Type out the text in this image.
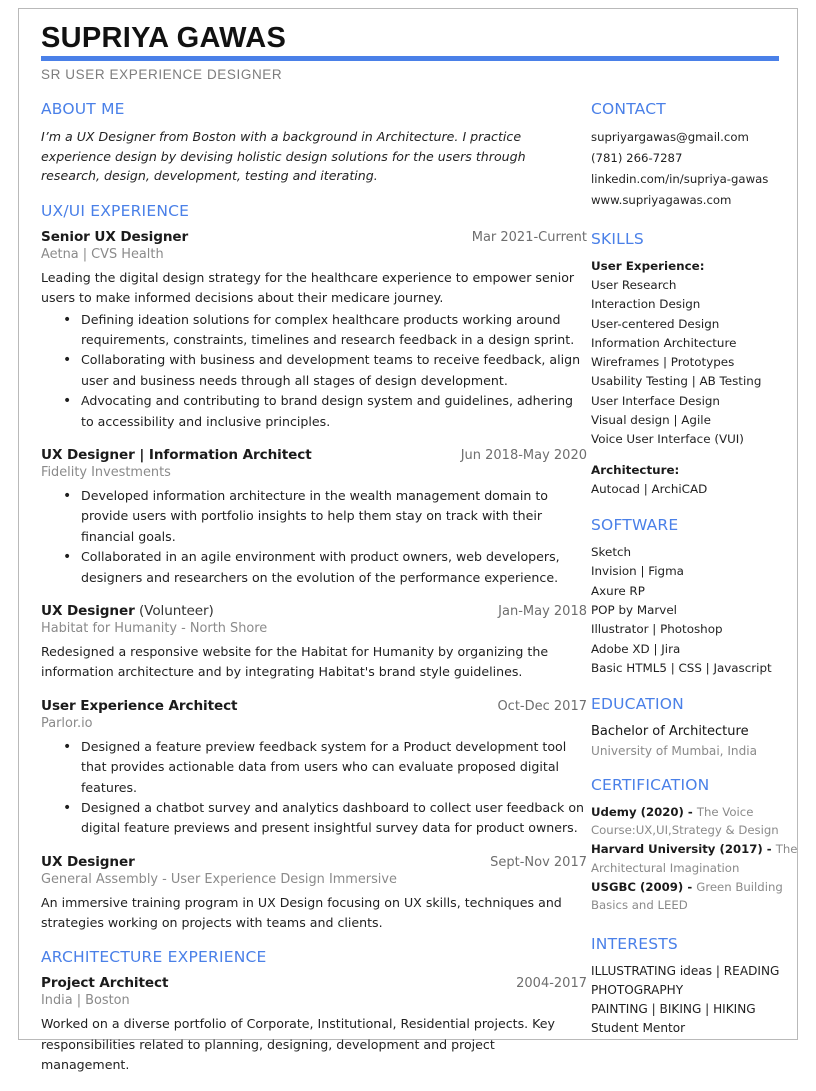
SUPRIYA GAWAS
SR USER EXPERIENCE DESIGNER
ABOUT ME
I’m a UX Designer from Boston with a background in Architecture. I practice experience design by devising holistic design solutions for the users through research, design, development, testing and iterating.
UX/UI EXPERIENCE
Senior UX Designer	Mar 2021-Current
Aetna | CVS Health

Leading the digital design strategy for the healthcare experience to empower senior users to make informed decisions about their medicare journey.

• Defining ideation solutions for complex healthcare products working around requirements, constraints, timelines and research feedback in a design sprint.
• Collaborating with business and development teams to receive feedback, align user and business needs through all stages of design development.
• Advocating and contributing to brand design system and guidelines, adhering to accessibility and inclusive principles.
UX Designer | Information Architect	Jun 2018-May 2020
Fidelity Investments
• Developed information architecture in the wealth management domain to provide users with portfolio insights to help them stay on track with their financial goals.
• Collaborated in an agile environment with product owners, web developers, designers and researchers on the evolution of the performance experience.
UX Designer (Volunteer)	Jan-May 2018
Habitat for Humanity - North Shore

Redesigned a responsive website for the Habitat for Humanity by organizing the information architecture and by integrating Habitat's brand style guidelines.

User Experience Architect	Oct-Dec 2017
Parlor.io
• Designed a feature preview feedback system for a Product development tool that provides actionable data from users who can evaluate proposed digital features.
• Designed a chatbot survey and analytics dashboard to collect user feedback on digital feature previews and present insightful survey data for product owners.
UX Designer	Sept-Nov 2017
General Assembly - User Experience Design Immersive

An immersive training program in UX Design focusing on UX skills, techniques and strategies working on projects with teams and clients.

ARCHITECTURE EXPERIENCE
Project Architect	2004-2017
India | Boston

Worked on a diverse portfolio of Corporate, Institutional, Residential projects. Key responsibilities related to planning, designing, development and project management.

CONTACT
supriyargawas@gmail.com
(781) 266-7287
linkedin.com/in/supriya-gawas
www.supriyagawas.com
SKILLS
User Experience:
User Research
Interaction Design
User-centered Design
Information Architecture
Wireframes | Prototypes
Usability Testing | AB Testing
User Interface Design
Visual design | Agile
Voice User Interface (VUI)
Architecture:
Autocad | ArchiCAD
SOFTWARE
Sketch
Invision | Figma
Axure RP
POP by Marvel
Illustrator | Photoshop
Adobe XD | Jira
Basic HTML5 | CSS | Javascript
EDUCATION
Bachelor of Architecture
University of Mumbai, India
CERTIFICATION
Udemy (2020) - The Voice Course:UX,UI,Strategy & Design
Harvard University (2017) - The Architectural Imagination
USGBC (2009) - Green Building Basics and LEED
INTERESTS
ILLUSTRATING ideas | READING
PHOTOGRAPHY
PAINTING | BIKING | HIKING
Student Mentor
